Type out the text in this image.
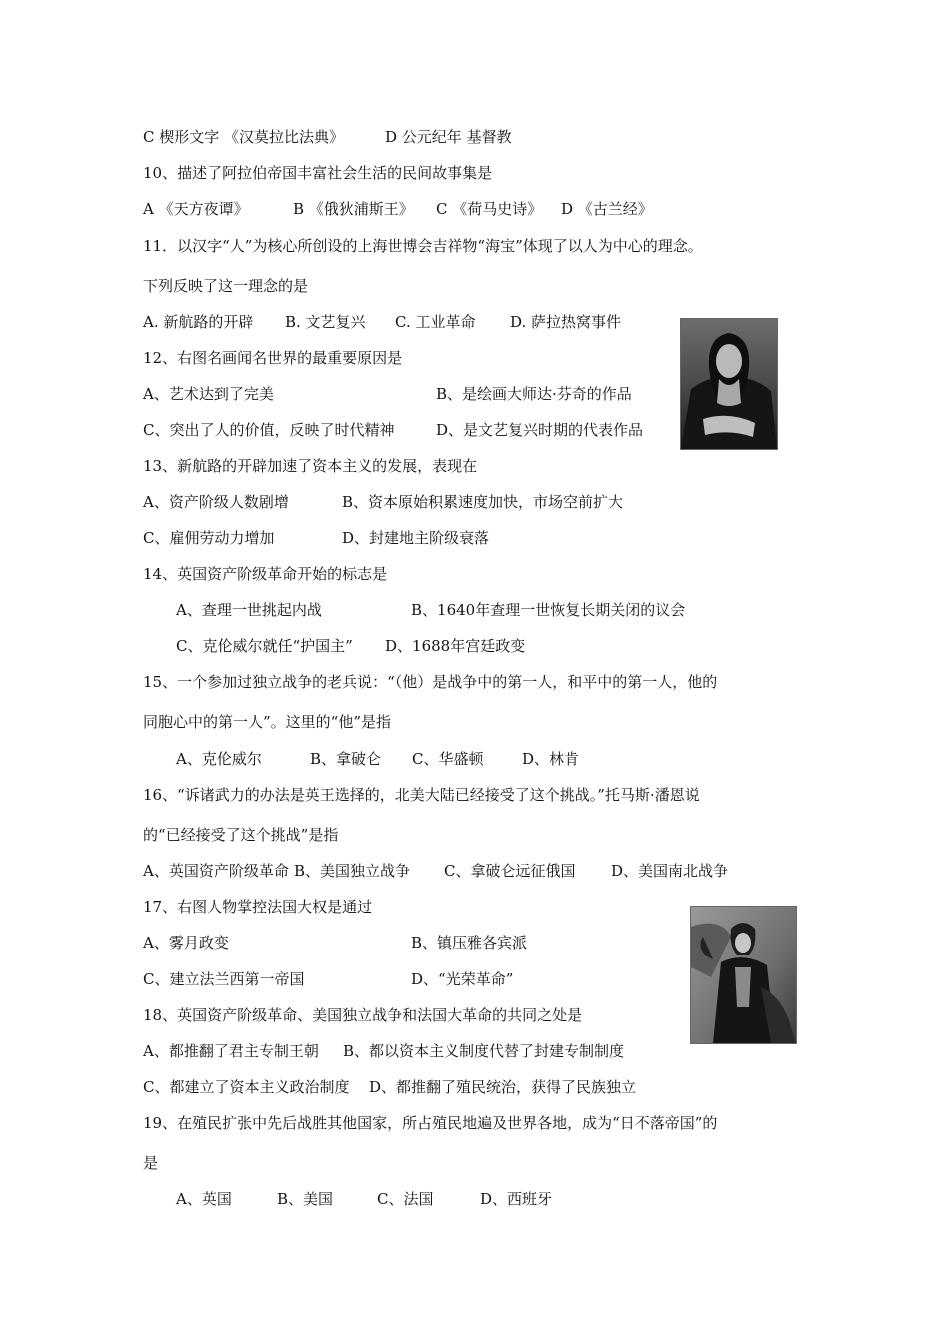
C 楔形文字 《汉莫拉比法典》	D 公元纪年 基督教
10、描述了阿拉伯帝国丰富社会生活的民间故事集是
A 《天方夜谭》	B 《俄狄浦斯王》 C 《荷马史诗》 D 《古兰经》
11．以汉字“人”为核心所创设的上海世博会吉祥物“海宝”体现了以人为中心的理念。
下列反映了这一理念的是
A. 新航路的开辟 B. 文艺复兴 C. 工业革命 D. 萨拉热窝事件
12、右图名画闻名世界的最重要原因是
A、艺术达到了完美	B、是绘画大师达·芬奇的作品
C、突出了人的价值，反映了时代精神	D、是文艺复兴时期的代表作品
13、新航路的开辟加速了资本主义的发展，表现在
A、资产阶级人数剧增	B、资本原始积累速度加快，市场空前扩大
C、雇佣劳动力增加	D、封建地主阶级衰落
14、英国资产阶级革命开始的标志是
A、查理一世挑起内战	B、1640年查理一世恢复长期关闭的议会
C、克伦威尔就任“护国主” D、1688年宫廷政变
15、一个参加过独立战争的老兵说：“（他）是战争中的第一人，和平中的第一人，他的
同胞心中的第一人”。这里的“他”是指
A、克伦威尔	B、拿破仑 C、华盛顿	D、林肯
16、“诉诸武力的办法是英王选择的，北美大陆已经接受了这个挑战。”托马斯·潘恩说
的“已经接受了这个挑战”是指
A、英国资产阶级革命 B、美国独立战争 C、拿破仑远征俄国 D、美国南北战争
17、右图人物掌控法国大权是通过
A、雾月政变	B、镇压雅各宾派
C、建立法兰西第一帝国	D、“光荣革命”
18、英国资产阶级革命、美国独立战争和法国大革命的共同之处是
A、都推翻了君主专制王朝 B、都以资本主义制度代替了封建专制制度
C、都建立了资本主义政治制度 D、都推翻了殖民统治，获得了民族独立
19、在殖民扩张中先后战胜其他国家，所占殖民地遍及世界各地，成为“日不落帝国”的
是
A、英国	B、美国	C、法国	D、西班牙
